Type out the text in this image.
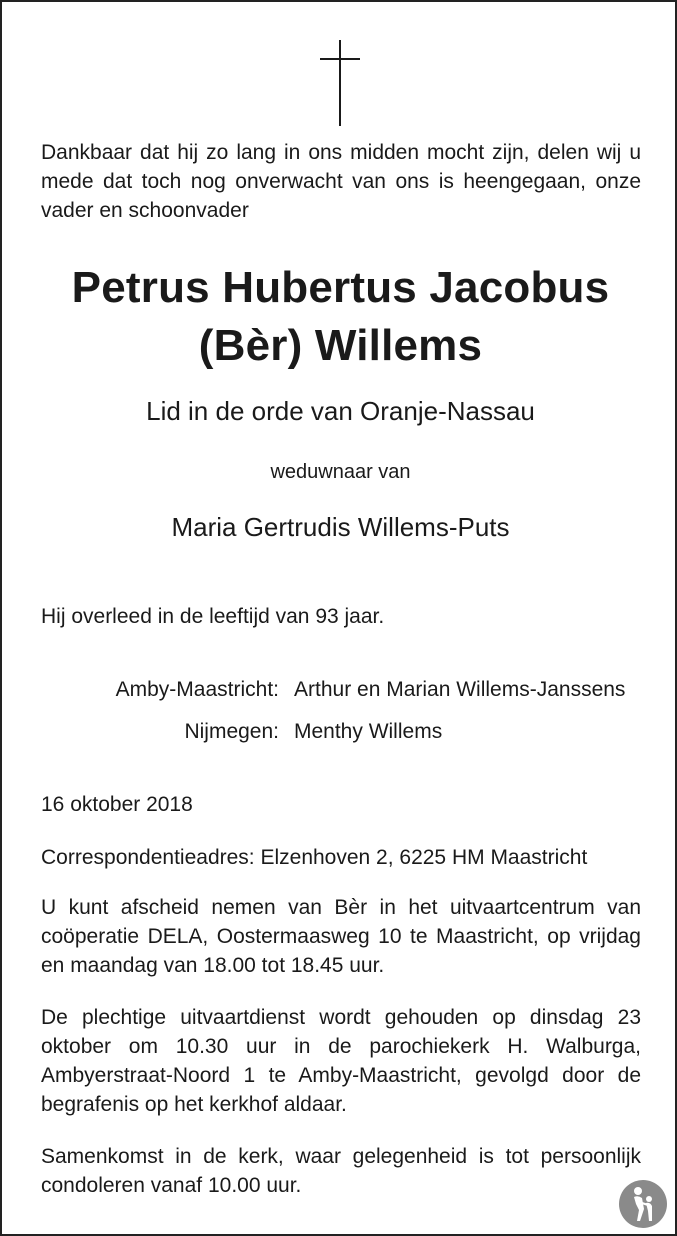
Dankbaar dat hij zo lang in ons midden mocht zijn, delen wij u mede dat toch nog onverwacht van ons is heengegaan, onze vader en schoonvader

Petrus Hubertus Jacobus
(Bèr) Willems
Lid in de orde van Oranje-Nassau
weduwnaar van
Maria Gertrudis Willems-Puts

Hij overleed in de leeftijd van 93 jaar.

Amby-Maastricht: Arthur en Marian Willems-Janssens
Nijmegen: Menthy Willems

16 oktober 2018

Correspondentieadres: Elzenhoven 2, 6225 HM Maastricht

U kunt afscheid nemen van Bèr in het uitvaartcentrum van coöperatie DELA, Oostermaasweg 10 te Maastricht, op vrijdag en maandag van 18.00 tot 18.45 uur.

De plechtige uitvaartdienst wordt gehouden op dinsdag 23 oktober om 10.30 uur in de parochiekerk H. Walburga, Ambyerstraat-Noord 1 te Amby-Maastricht, gevolgd door de begrafenis op het kerkhof aldaar.

Samenkomst in de kerk, waar gelegenheid is tot persoonlijk condoleren vanaf 10.00 uur.
